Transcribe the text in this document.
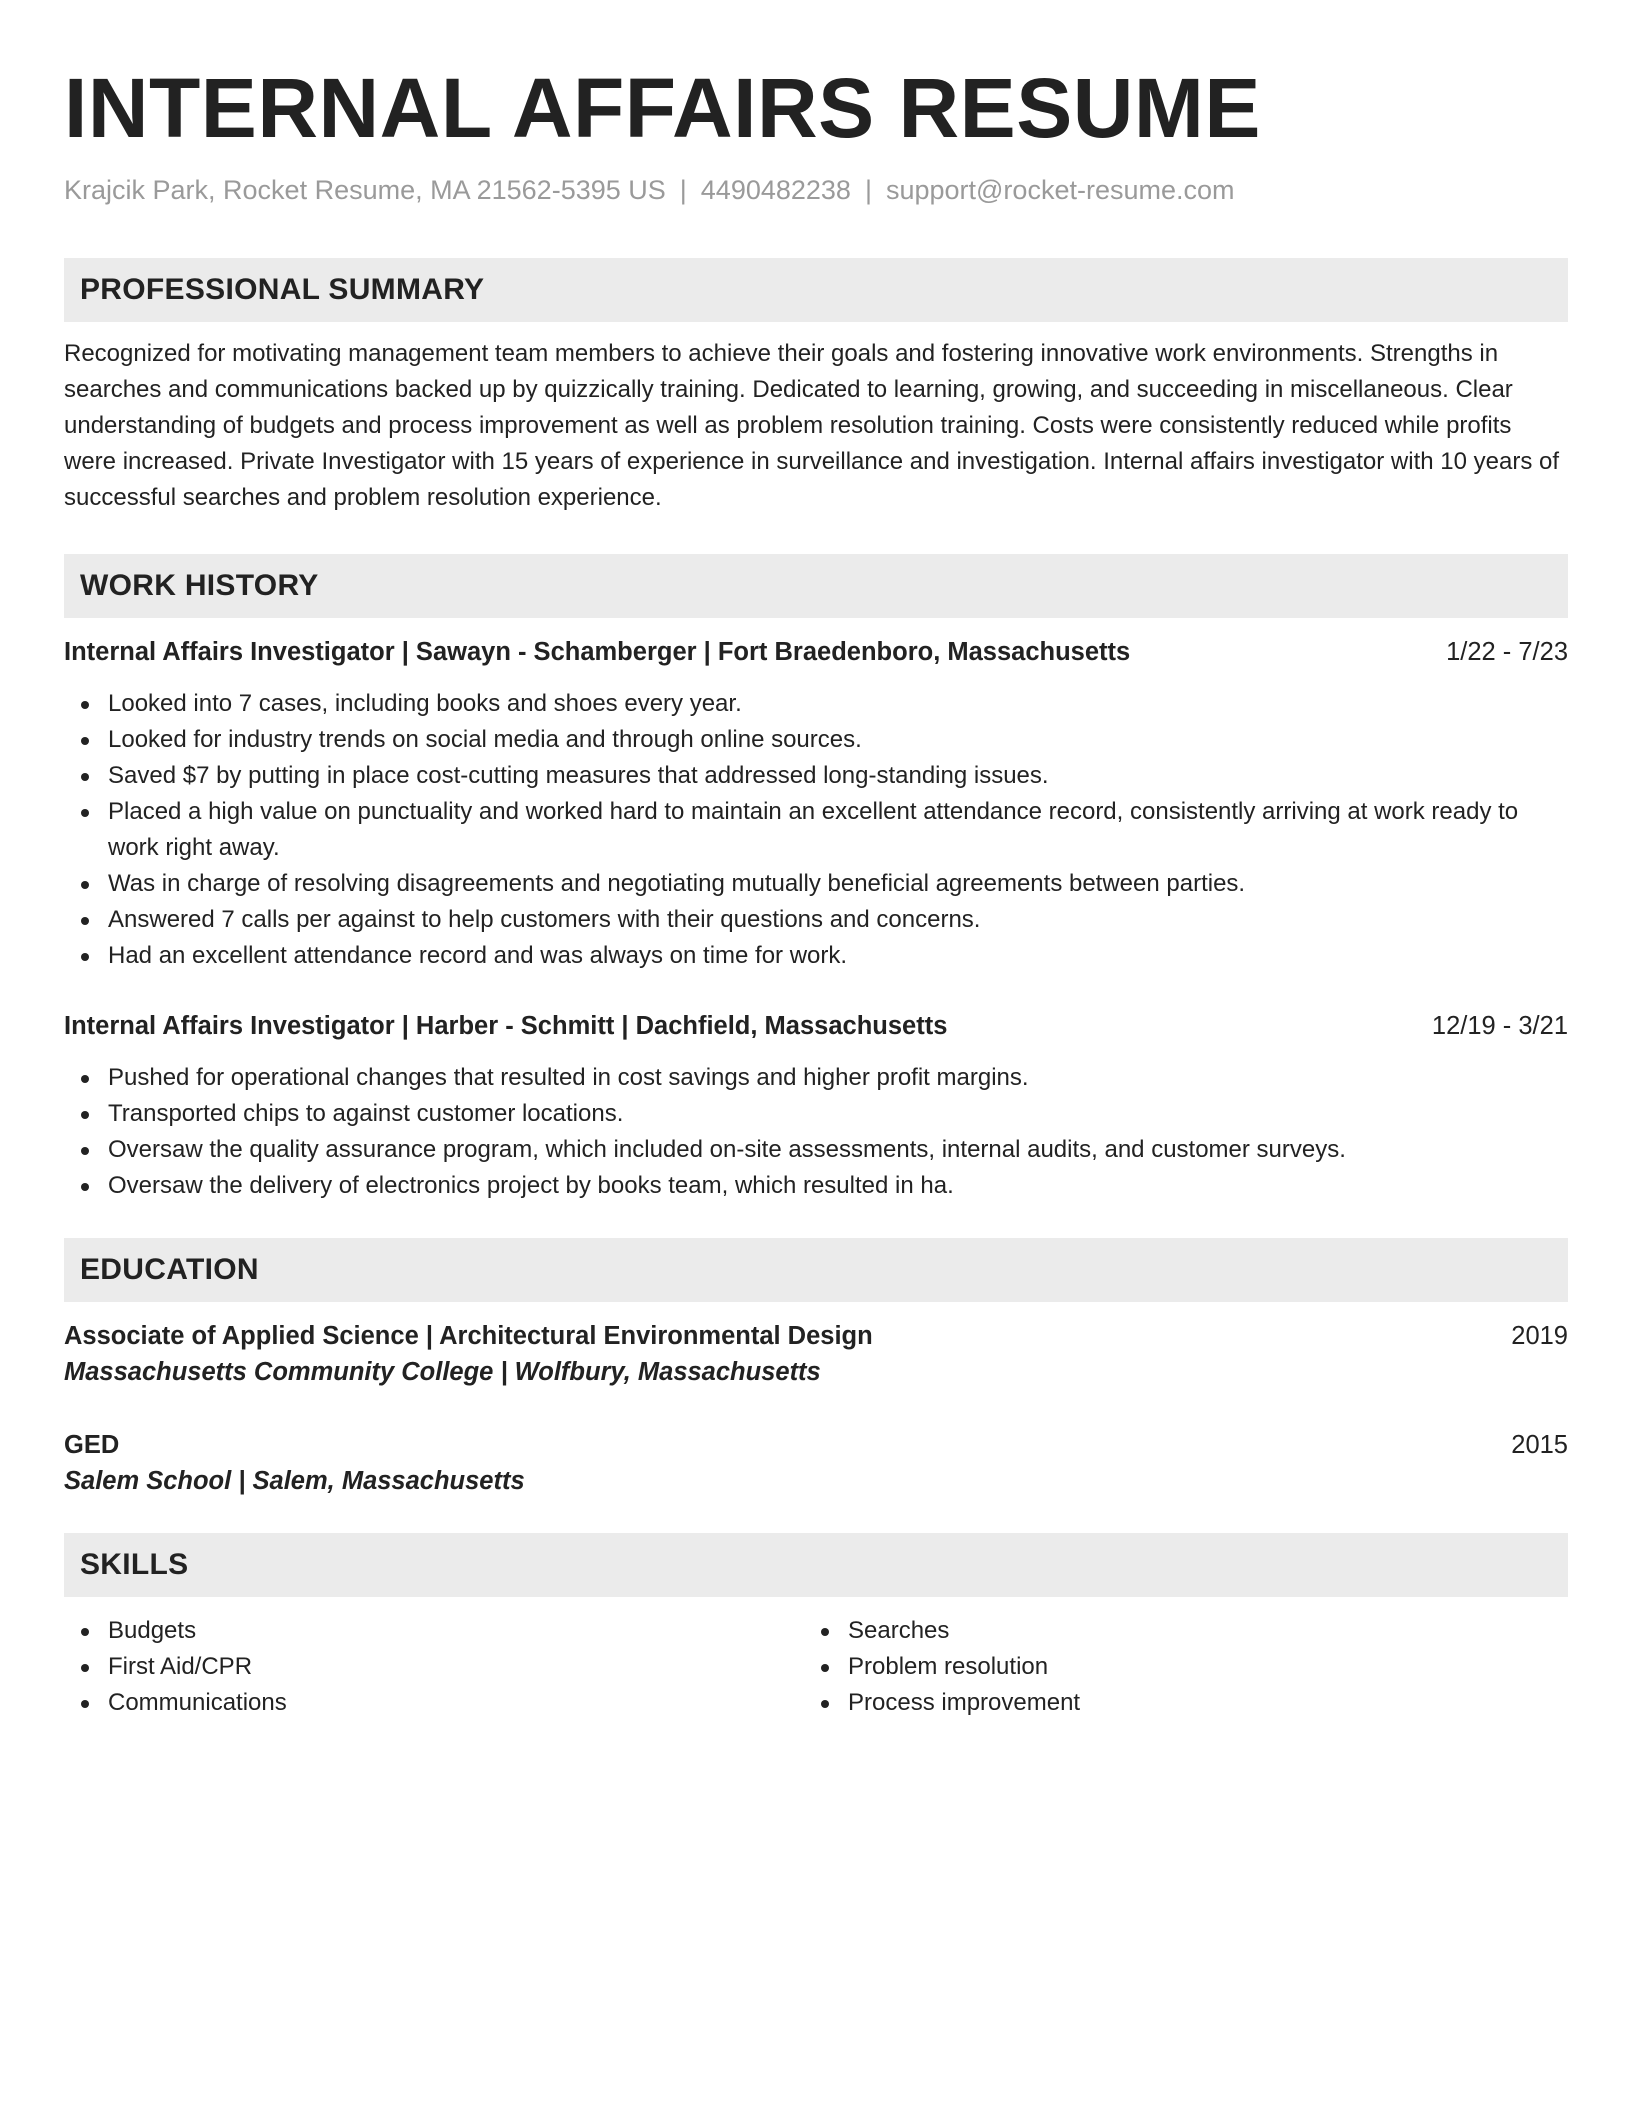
INTERNAL AFFAIRS RESUME
Krajcik Park, Rocket Resume, MA 21562-5395 US | 4490482238 | support@rocket-resume.com
PROFESSIONAL SUMMARY

Recognized for motivating management team members to achieve their goals and fostering innovative work environments. Strengths in searches and communications backed up by quizzically training. Dedicated to learning, growing, and succeeding in miscellaneous. Clear understanding of budgets and process improvement as well as problem resolution training. Costs were consistently reduced while profits were increased. Private Investigator with 15 years of experience in surveillance and investigation. Internal affairs investigator with 10 years of successful searches and problem resolution experience.

WORK HISTORY
Internal Affairs Investigator | Sawayn - Schamberger | Fort Braedenboro, Massachusetts	1/22 - 7/23
Looked into 7 cases, including books and shoes every year.
Looked for industry trends on social media and through online sources.
Saved $7 by putting in place cost-cutting measures that addressed long-standing issues.
Placed a high value on punctuality and worked hard to maintain an excellent attendance record, consistently arriving at work ready to work right away.
Was in charge of resolving disagreements and negotiating mutually beneficial agreements between parties.
Answered 7 calls per against to help customers with their questions and concerns.
Had an excellent attendance record and was always on time for work.
Internal Affairs Investigator | Harber - Schmitt | Dachfield, Massachusetts	12/19 - 3/21
Pushed for operational changes that resulted in cost savings and higher profit margins.
Transported chips to against customer locations.
Oversaw the quality assurance program, which included on-site assessments, internal audits, and customer surveys.
Oversaw the delivery of electronics project by books team, which resulted in ha.
EDUCATION
Associate of Applied Science | Architectural Environmental Design	2019
Massachusetts Community College | Wolfbury, Massachusetts
GED	2015
Salem School | Salem, Massachusetts
SKILLS
Budgets
First Aid/CPR
Communications
Searches
Problem resolution
Process improvement
